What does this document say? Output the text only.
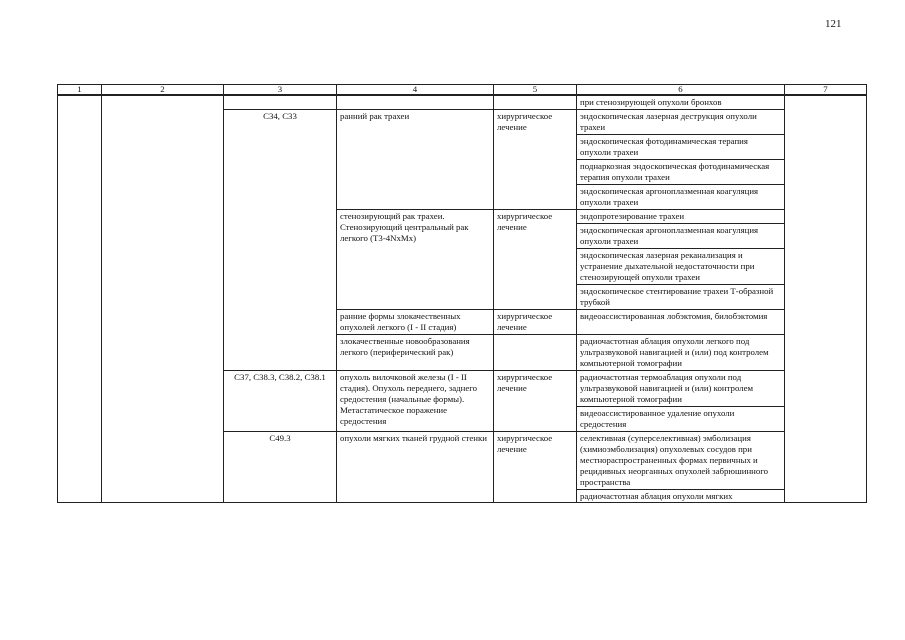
121
1	2	3	4	5	6	7
					при стенозирующей опухоли бронхов	
		C34, C33	ранний рак трахеи	хирургическое лечение	эндоскопическая лазерная деструкция опухоли трахеи	
					эндоскопическая фотодинамическая терапия опухоли трахеи	
					поднаркозная эндоскопическая фотодинамическая терапия опухоли трахеи	
					эндоскопическая аргоноплазменная коагуляция опухоли трахеи	
			стенозирующий рак трахеи. Стенозирующий центральный рак легкого (T3-4NxMx)	хирургическое лечение	эндопротезирование трахеи	
					эндоскопическая аргоноплазменная коагуляция опухоли трахеи	
					эндоскопическая лазерная реканализация и устранение дыхательной недостаточности при стенозирующей опухоли трахеи	
					эндоскопическое стентирование трахеи Т-образной трубкой	
			ранние формы злокачественных опухолей легкого (I - II стадия)	хирургическое лечение	видеоассистированная лобэктомия, билобэктомия	
			злокачественные новообразования легкого (периферический рак)		радиочастотная аблация опухоли легкого под ультразвуковой навигацией и (или) под контролем компьютерной томографии	
		C37, C38.3, C38.2, C38.1	опухоль вилочковой железы (I - II стадия). Опухоль переднего, заднего средостения (начальные формы). Метастатическое поражение средостения	хирургическое лечение	радиочастотная термоаблация опухоли под ультразвуковой навигацией и (или) контролем компьютерной томографии	
					видеоассистированное удаление опухоли средостения	
		C49.3	опухоли мягких тканей грудной стенки	хирургическое лечение	селективная (суперселективная) эмболизация (химиоэмболизация) опухолевых сосудов при местнораспространенных формах первичных и рецидивных неорганных опухолей забрюшинного пространства	
					радиочастотная аблация опухоли мягких	
